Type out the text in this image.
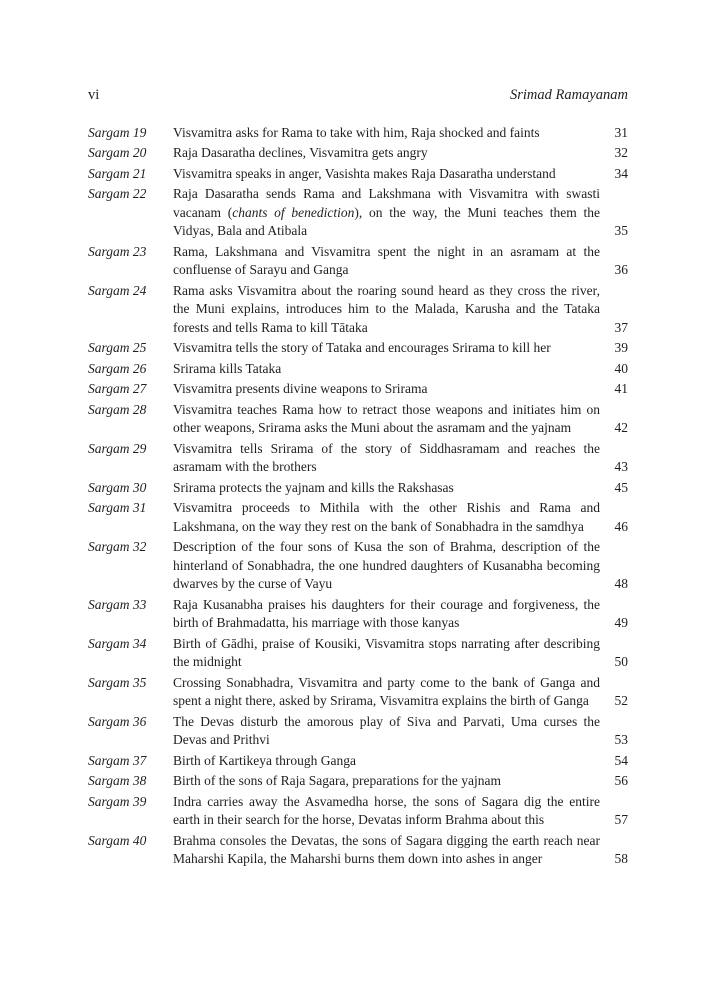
vi	Srimad Ramayanam
Sargam 19	Visvamitra asks for Rama to take with him, Raja shocked and faints	31
Sargam 20	Raja Dasaratha declines, Visvamitra gets angry	32
Sargam 21	Visvamitra speaks in anger, Vasishta makes Raja Dasaratha understand	34
Sargam 22	Raja Dasaratha sends Rama and Lakshmana with Visvamitra with swasti vacanam (chants of benediction), on the way, the Muni teaches them the Vidyas, Bala and Atibala	35
Sargam 23	Rama, Lakshmana and Visvamitra spent the night in an asramam at the confluense of Sarayu and Ganga	36
Sargam 24	Rama asks Visvamitra about the roaring sound heard as they cross the river, the Muni explains, introduces him to the Malada, Karusha and the Tataka forests and tells Rama to kill Tātaka	37
Sargam 25	Visvamitra tells the story of Tataka and encourages Srirama to kill her	39
Sargam 26	Srirama kills Tataka	40
Sargam 27	Visvamitra presents divine weapons to Srirama	41
Sargam 28	Visvamitra teaches Rama how to retract those weapons and initiates him on other weapons, Srirama asks the Muni about the asramam and the yajnam	42
Sargam 29	Visvamitra tells Srirama of the story of Siddhasramam and reaches the asramam with the brothers	43
Sargam 30	Srirama protects the yajnam and kills the Rakshasas	45
Sargam 31	Visvamitra proceeds to Mithila with the other Rishis and Rama and Lakshmana, on the way they rest on the bank of Sonabhadra in the samdhya	46
Sargam 32	Description of the four sons of Kusa the son of Brahma, description of the hinterland of Sonabhadra, the one hundred daughters of Kusanabha becoming dwarves by the curse of Vayu	48
Sargam 33	Raja Kusanabha praises his daughters for their courage and forgiveness, the birth of Brahmadatta, his marriage with those kanyas	49
Sargam 34	Birth of Gādhi, praise of Kousiki, Visvamitra stops narrating after describing the midnight	50
Sargam 35	Crossing Sonabhadra, Visvamitra and party come to the bank of Ganga and spent a night there, asked by Srirama, Visvamitra explains the birth of Ganga	52
Sargam 36	The Devas disturb the amorous play of Siva and Parvati, Uma curses the Devas and Prithvi	53
Sargam 37	Birth of Kartikeya through Ganga	54
Sargam 38	Birth of the sons of Raja Sagara, preparations for the yajnam	56
Sargam 39	Indra carries away the Asvamedha horse, the sons of Sagara dig the entire earth in their search for the horse, Devatas inform Brahma about this	57
Sargam 40	Brahma consoles the Devatas, the sons of Sagara digging the earth reach near Maharshi Kapila, the Maharshi burns them down into ashes in anger	58
